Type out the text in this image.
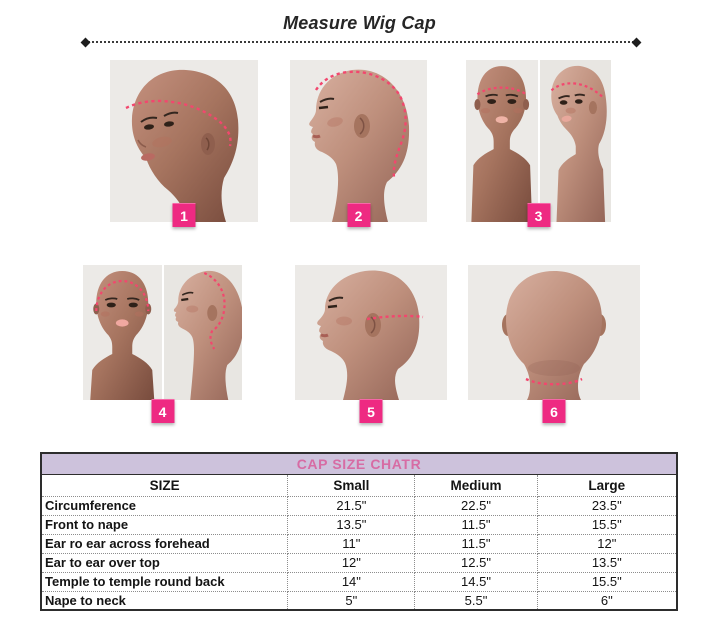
Measure Wig Cap
1	2	3
4	5	6
CAP SIZE CHATR			
SIZE	Small	Medium	Large
Circumference	21.5"	22.5"	23.5"
Front to nape	13.5"	11.5"	15.5"
Ear ro ear across forehead	11"	11.5"	12"
Ear to ear over top	12"	12.5"	13.5"
Temple to temple round back	14"	14.5"	15.5"
Nape to neck	5"	5.5"	6"
